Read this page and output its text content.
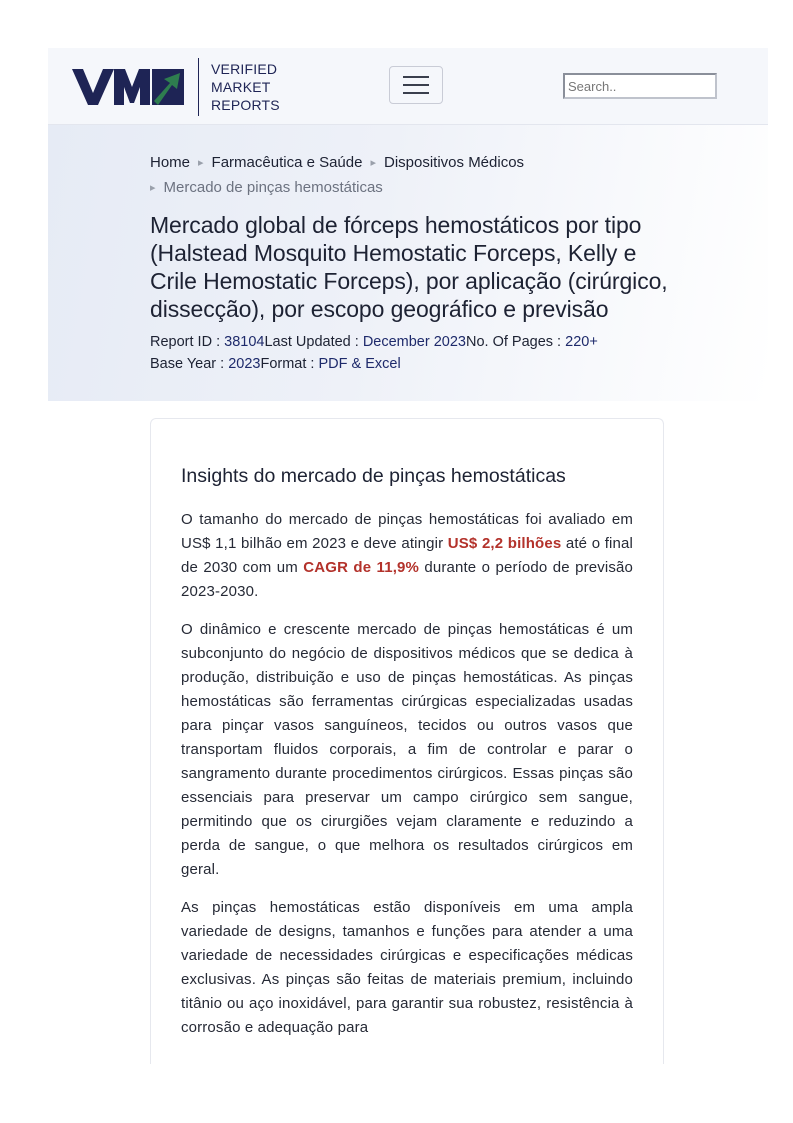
VERIFIED
MARKET
REPORTS
Search..
Home ▸ Farmacêutica e Saúde ▸ Dispositivos Médicos
▸ Mercado de pinças hemostáticas
Mercado global de fórceps hemostáticos por tipo (Halstead Mosquito Hemostatic Forceps, Kelly e Crile Hemostatic Forceps), por aplicação (cirúrgico, dissecção), por escopo geográfico e previsão
Report ID : 38104Last Updated : December 2023No. Of Pages : 220+
Base Year : 2023Format : PDF & Excel
Insights do mercado de pinças hemostáticas

O tamanho do mercado de pinças hemostáticas foi avaliado em US$ 1,1 bilhão em 2023 e deve atingir US$ 2,2 bilhões até o final de 2030 com um CAGR de 11,9% durante o período de previsão 2023-2030.

O dinâmico e crescente mercado de pinças hemostáticas é um subconjunto do negócio de dispositivos médicos que se dedica à produção, distribuição e uso de pinças hemostáticas. As pinças hemostáticas são ferramentas cirúrgicas especializadas usadas para pinçar vasos sanguíneos, tecidos ou outros vasos que transportam fluidos corporais, a fim de controlar e parar o sangramento durante procedimentos cirúrgicos. Essas pinças são essenciais para preservar um campo cirúrgico sem sangue, permitindo que os cirurgiões vejam claramente e reduzindo a perda de sangue, o que melhora os resultados cirúrgicos em geral.

As pinças hemostáticas estão disponíveis em uma ampla variedade de designs, tamanhos e funções para atender a uma variedade de necessidades cirúrgicas e especificações médicas exclusivas. As pinças são feitas de materiais premium, incluindo titânio ou aço inoxidável, para garantir sua robustez, resistência à corrosão e adequação para
